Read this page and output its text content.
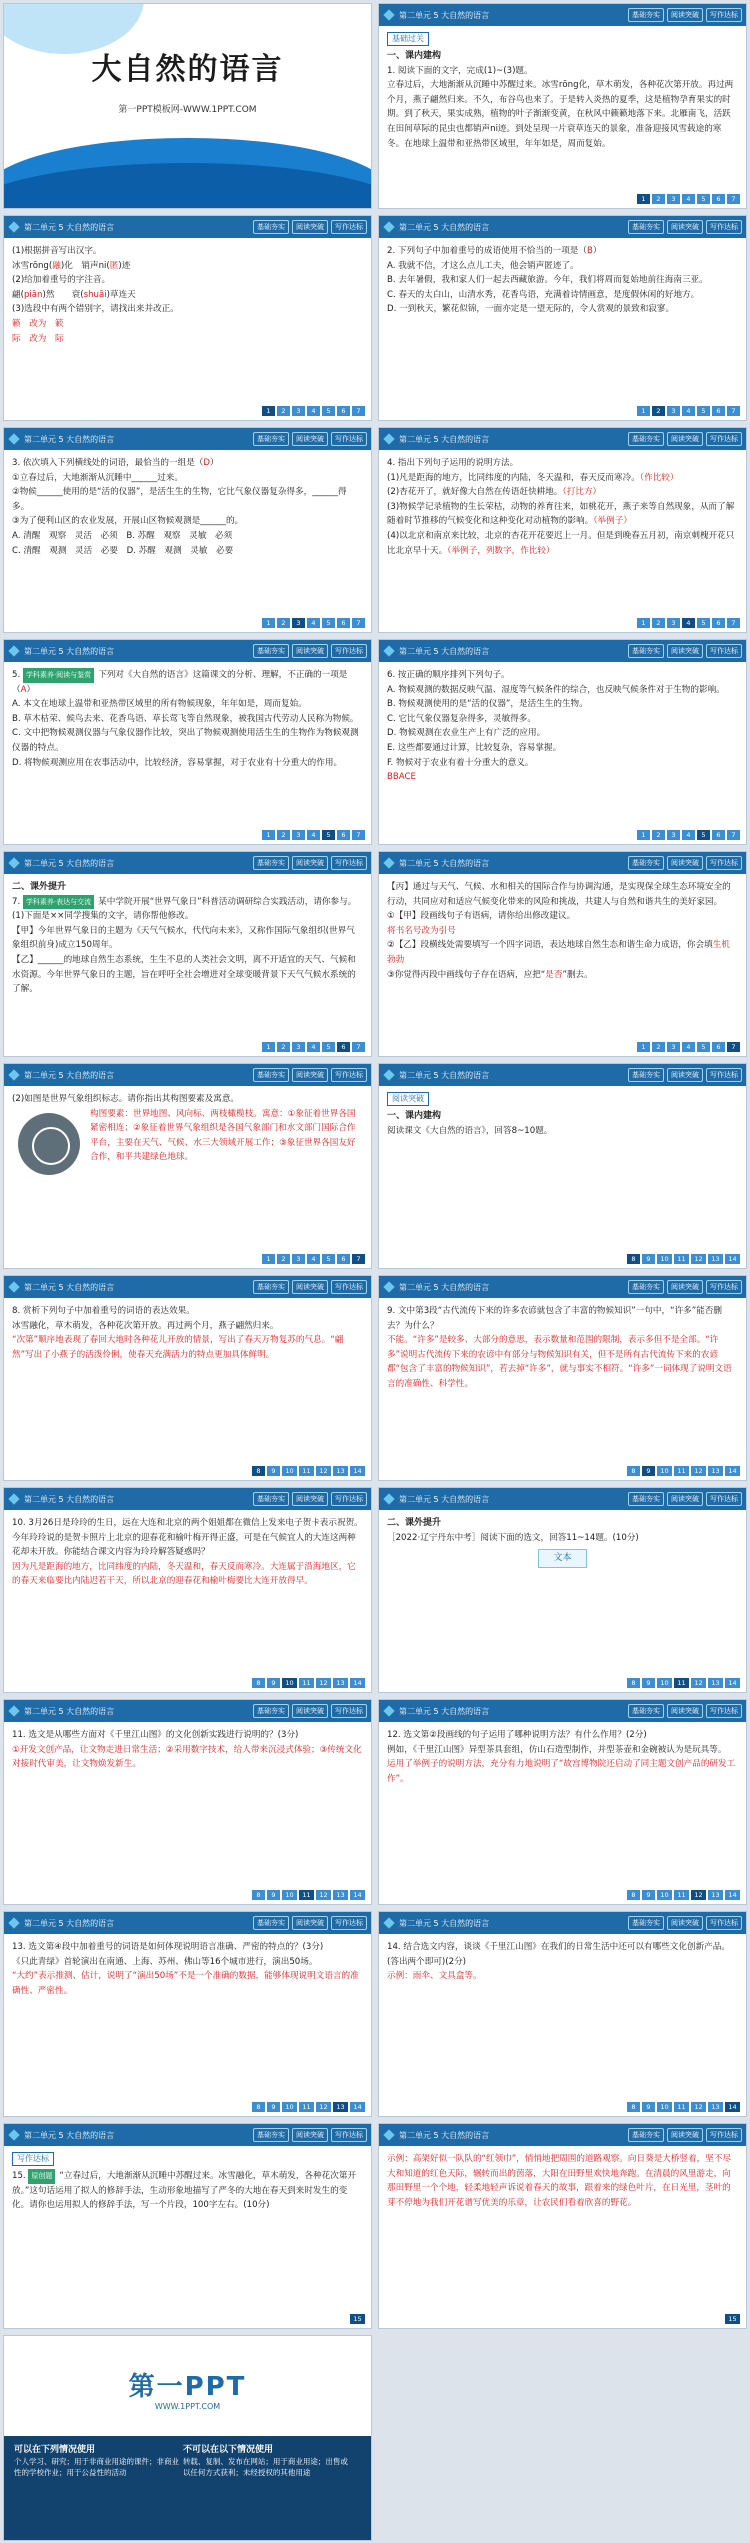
大自然的语言
第一PPT模板网-WWW.1PPT.COM
第二单元 5 大自然的语言	基础夯实	阅读突破	写作达标
基础过关

一、课内建构

1. 阅读下面的文字，完成(1)~(3)题。

立春过后，大地渐渐从沉睡中苏醒过来。冰雪rōng化，草木萌发，各种花次第开放。再过两个月，燕子翩然归来。不久，布谷鸟也来了。于是转入炎热的夏季，这是植物孕育果实的时期。到了秋天，果实成熟，植物的叶子渐渐变黄，在秋风中籁籁地落下来。北雁南飞，活跃在田间草际的昆虫也都销声ni迹。到处呈现一片衰草连天的景象，准备迎接风雪载途的寒冬。在地球上温带和亚热带区域里，年年如是，周而复始。

1	2	3	4	5	6	7
第二单元 5 大自然的语言	基础夯实	阅读突破	写作达标

(1)根据拼音写出汉字。

冰雪rōng(融)化　销声ni(匿)迹

(2)给加着重号的字注音。

翩(piān)然　　衰(shuāi)草连天

(3)选段中有两个错别字，请找出来并改正。

籁　改为　簌

际　改为　际

1	2	3	4	5	6	7
第二单元 5 大自然的语言	基础夯实	阅读突破	写作达标

2. 下列句子中加着重号的成语使用不恰当的一项是（B）

A. 我就不信，才这么点儿工夫，他会销声匿迹了。

B. 去年暑假，我和家人们一起去西藏旅游。今年，我们将周而复始地前往海南三亚。

C. 春天的太白山，山清水秀，花香鸟语，充满着诗情画意，是度假休闲的好地方。

D. 一到秋天，繁花似锦，一面亦定是一望无际的，令人赏观的景致和寂寥。

1	2	3	4	5	6	7
第二单元 5 大自然的语言	基础夯实	阅读突破	写作达标

3. 依次填入下列横线处的词语，最恰当的一组是（D）

①立春过后，大地渐渐从沉睡中______过来。

②物候______使用的是“活的仪器”，是活生生的生物，它比气象仪器复杂得多，______得多。

③为了便利山区的农业发展，开展山区物候观测是______的。

A. 清醒　观察　灵活　必须　B. 苏醒　观察　灵敏　必须

C. 清醒　观测　灵活　必要　D. 苏醒　观测　灵敏　必要

1	2	3	4	5	6	7
第二单元 5 大自然的语言	基础夯实	阅读突破	写作达标

4. 指出下列句子运用的说明方法。

(1)凡是距海的地方，比同纬度的内陆，冬天温和，春天反而寒冷。（作比较）

(2)杏花开了，就好像大自然在传语赶快耕地。（打比方）

(3)物候学记录植物的生长荣枯，动物的养育往来，如桃花开，燕子来等自然现象，从而了解随着时节推移的气候变化和这种变化对动植物的影响。（举例子）

(4)以北京和南京来比较，北京的杏花开花要迟上一月。但是到晚春五月初，南京刺槐开花只比北京早十天。（举例子，列数字，作比较）

1	2	3	4	5	6	7
第二单元 5 大自然的语言	基础夯实	阅读突破	写作达标

5. 学科素养·阅读与鉴赏 下列对《大自然的语言》这篇课文的分析、理解，不正确的一项是（A）

A. 本文在地球上温带和亚热带区域里的所有物候现象，年年如是，周而复始。

B. 草木枯荣、候鸟去来、花香鸟语、草长莺飞等自然现象，被我国古代劳动人民称为物候。

C. 文中把物候观测仪器与气象仪器作比较，突出了物候观测使用活生生的生物作为物候观测仪器的特点。

D. 将物候观测应用在农事活动中，比较经济，容易掌握，对于农业有十分重大的作用。

1	2	3	4	5	6	7
第二单元 5 大自然的语言	基础夯实	阅读突破	写作达标

6. 按正确的顺序排列下列句子。

A. 物候观测的数据反映气温、湿度等气候条件的综合，也反映气候条件对于生物的影响。

B. 物候观测使用的是“活的仪器”，是活生生的生物。

C. 它比气象仪器复杂得多，灵敏得多。

D. 物候观测在农业生产上有广泛的应用。

E. 这些都要通过计算，比较复杂，容易掌握。

F. 物候对于农业有着十分重大的意义。

BBACE

1	2	3	4	5	6	7
第二单元 5 大自然的语言	基础夯实	阅读突破	写作达标

二、课外提升

7. 学科素养·表达与交流 某中学院开展“世界气象日”科普活动调研综合实践活动，请你参与。

(1)下面是××同学搜集的文字，请你帮他修改。

【甲】今年世界气象日的主题为《天气气候水，代代向未来》，又称作国际气象组织(世界气象组织前身)成立150周年。

【乙】______的地球自然生态系统，生生不息的人类社会文明，离不开适宜的天气、气候和水资源。今年世界气象日的主题，旨在呼吁全社会增进对全球变暖背景下天气气候水系统的了解。

1	2	3	4	5	6	7
第二单元 5 大自然的语言	基础夯实	阅读突破	写作达标

【丙】通过与天气、气候、水和相关的国际合作与协调沟通，是实现保全球生态环境安全的行动，共同应对和适应气候变化带来的风险和挑战，共建人与自然和谐共生的美好家园。

①【甲】段画线句子有语病，请你给出修改建议。

将书名号改为引号

②【乙】段横线处需要填写一个四字词语，表达地球自然生态和谐生命力成语，你会填生机勃勃

③你觉得丙段中画线句子存在语病，应把“是否”删去。

1	2	3	4	5	6	7
第二单元 5 大自然的语言	基础夯实	阅读突破	写作达标

(2)如图是世界气象组织标志。请你指出其构图要素及寓意。

构图要素：世界地图、风向标、两枝橄榄枝。寓意：①象征着世界各国紧密相连；②象征着世界气象组织是各国气象部门和水文部门国际合作平台，主要在天气、气候、水三大领域开展工作；③象征世界各国友好合作，和平共建绿色地球。

1	2	3	4	5	6	7
第二单元 5 大自然的语言	基础夯实	阅读突破	写作达标
阅读突破

一、课内建构

阅读课文《大自然的语言》，回答8~10题。

8	9	10	11	12	13	14
第二单元 5 大自然的语言	基础夯实	阅读突破	写作达标

8. 赏析下列句子中加着重号的词语的表达效果。

冰雪融化，草木萌发，各种花次第开放。再过两个月，燕子翩然归来。

“次第”顺序地表现了春回大地时各种花儿开放的情景，写出了春天万物复苏的气息。“翩然”写出了小燕子的活泼伶俐，使春天充满活力的特点更加具体鲜明。

8	9	10	11	12	13	14
第二单元 5 大自然的语言	基础夯实	阅读突破	写作达标

9. 文中第3段“古代流传下来的许多农谚就包含了丰富的物候知识”一句中，“许多”能否删去？为什么？

不能。“许多”是较多、大部分的意思，表示数量和范围的限制，表示多但不是全部。“许多”说明古代流传下来的农谚中有部分与物候知识有关，但不是所有古代流传下来的农谚都“包含了丰富的物候知识”，若去掉“许多”，就与事实不相符。“许多”一词体现了说明文语言的准确性、科学性。

8	9	10	11	12	13	14
第二单元 5 大自然的语言	基础夯实	阅读突破	写作达标

10. 3月26日是玲玲的生日，远在大连和北京的两个姐姐都在微信上发来电子贺卡表示祝贺。今年玲玲说的是贺卡照片上北京的迎春花和榆叶梅开得正盛，可是在气候宜人的大连这两种花却未开放。你能结合课文内容为玲玲解答疑惑吗？

因为凡是距海的地方，比同纬度的内陆，冬天温和，春天反而寒冷。大连属于沿海地区，它的春天来临要比内陆迟若干天，所以北京的迎春花和榆叶梅要比大连开放得早。

8	9	10	11	12	13	14
第二单元 5 大自然的语言	基础夯实	阅读突破	写作达标

二、课外提升

［2022·辽宁丹东中考］阅读下面的选文，回答11~14题。(10分)

文本
8	9	10	11	12	13	14
第二单元 5 大自然的语言	基础夯实	阅读突破	写作达标

11. 选文是从哪些方面对《千里江山图》的文化创新实践进行说明的？(3分)

①开发文创产品，让文物走进日常生活；②采用数字技术，给人带来沉浸式体验；③传统文化对接时代审美，让文物焕发新生。

8	9	10	11	12	13	14
第二单元 5 大自然的语言	基础夯实	阅读突破	写作达标

12. 选文第②段画线的句子运用了哪种说明方法？有什么作用？(2分)

例如，《千里江山图》异型茶具套组，仿山石造型制作，并型茶壶和金碗被认为是玩具等。

运用了举例子的说明方法，充分有力地说明了“故宫博物院还启动了同主题文创产品的研发工作”。

8	9	10	11	12	13	14
第二单元 5 大自然的语言	基础夯实	阅读突破	写作达标

13. 选文第④段中加着重号的词语是如何体现说明语言准确、严密的特点的？(3分)

《只此青绿》首轮演出在南通、上海、苏州、佛山等16个城市进行，演出50场。

“大约”表示推测、估计，说明了“演出50场”不是一个准确的数据，能够体现说明文语言的准确性、严密性。

8	9	10	11	12	13	14
第二单元 5 大自然的语言	基础夯实	阅读突破	写作达标

14. 结合选文内容，谈谈《千里江山图》在我们的日常生活中还可以有哪些文化创新产品。(答出两个即可)(2分)

示例：雨伞、文具盒等。

8	9	10	11	12	13	14
第二单元 5 大自然的语言	基础夯实	阅读突破	写作达标
写作达标

15. 原创题 “立春过后，大地渐渐从沉睡中苏醒过来。冰雪融化，草木萌发，各种花次第开放。”这句话运用了拟人的修辞手法，生动形象地描写了严冬的大地在春天到来时发生的变化。请你也运用拟人的修辞手法，写一个片段，100字左右。(10分)

15
第二单元 5 大自然的语言	基础夯实	阅读突破	写作达标

示例：高架好似一队队的“红领巾”，悄悄地把周围的道路观察。向日葵是大桥竖着，坚不尽大和知道的红色天际，辗转而出的茵落，大阳在田野里欢快地奔跑。在清晨的风里游走，向那田野里一个个地，轻柔地轻声诉说着春天的故事，跟着来的绿色叶片，在日光里，茎叶的芽不停地为我们开花谱写优美的乐章，让农民们看着欣喜的野花。

15
第一PPT
WWW.1PPT.COM
可以在下列情况使用
个人学习、研究；用于非商业用途的课件；非商业性的学校作业；用于公益性的活动 不可以在以下情况使用
转载、复制、发布在网站；用于商业用途；出售或以任何方式获利；未经授权的其他用途
